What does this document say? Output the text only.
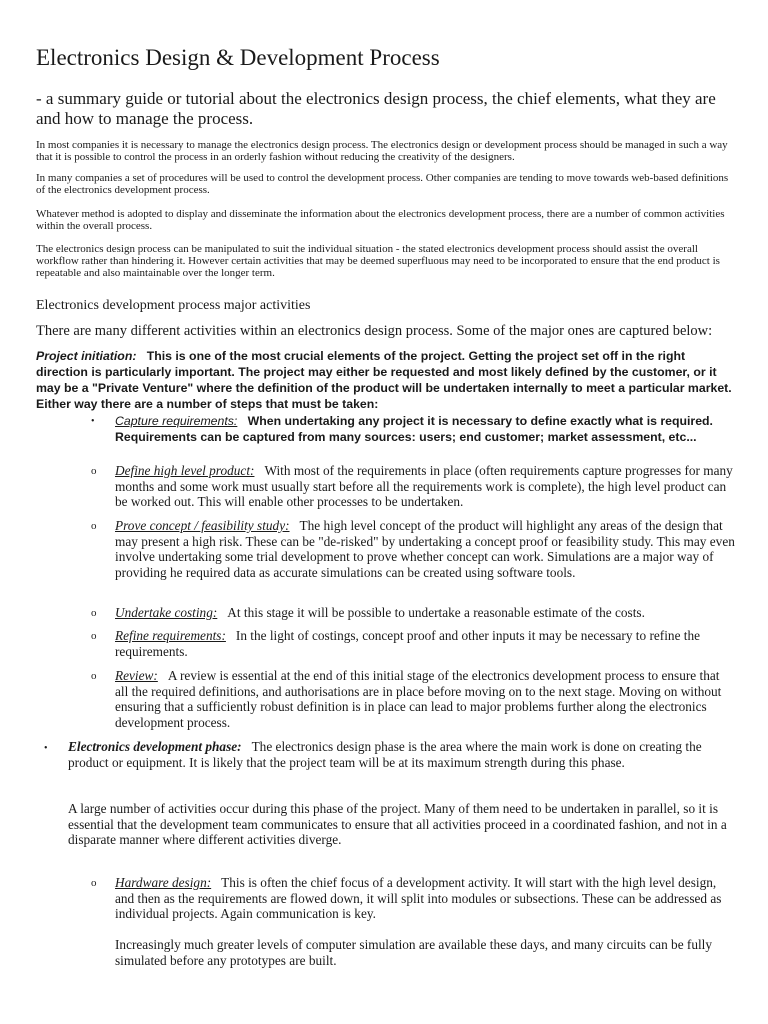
Electronics Design & Development Process

- a summary guide or tutorial about the electronics design process, the chief elements, what they are and how to manage the process.

In most companies it is necessary to manage the electronics design process. The electronics design or development process should be managed in such a way that it is possible to control the process in an orderly fashion without reducing the creativity of the designers.

In many companies a set of procedures will be used to control the development process. Other companies are tending to move towards web-based definitions of the electronics development process.

Whatever method is adopted to display and disseminate the information about the electronics development process, there are a number of common activities within the overall process.

The electronics design process can be manipulated to suit the individual situation - the stated electronics development process should assist the overall workflow rather than hindering it. However certain activities that may be deemed superfluous may need to be incorporated to ensure that the end product is repeatable and also maintainable over the longer term.

Electronics development process major activities

There are many different activities within an electronics design process. Some of the major ones are captured below:

Project initiation: This is one of the most crucial elements of the project. Getting the project set off in the right direction is particularly important. The project may either be requested and most likely defined by the customer, or it may be a "Private Venture" where the definition of the product will be undertaken internally to meet a particular market. Either way there are a number of steps that must be taken:

• Capture requirements: When undertaking any project it is necessary to define exactly what is required. Requirements can be captured from many sources: users; end customer; market assessment, etc...

o Define high level product: With most of the requirements in place (often requirements capture progresses for many months and some work must usually start before all the requirements work is complete), the high level product can be worked out. This will enable other processes to be undertaken.

o Prove concept / feasibility study: The high level concept of the product will highlight any areas of the design that may present a high risk. These can be "de-risked" by undertaking a concept proof or feasibility study. This may even involve undertaking some trial development to prove whether concept can work. Simulations are a major way of providing he required data as accurate simulations can be created using software tools.

o Undertake costing: At this stage it will be possible to undertake a reasonable estimate of the costs.

o Refine requirements: In the light of costings, concept proof and other inputs it may be necessary to refine the requirements.

o Review: A review is essential at the end of this initial stage of the electronics development process to ensure that all the required definitions, and authorisations are in place before moving on to the next stage. Moving on without ensuring that a sufficiently robust definition is in place can lead to major problems further along the electronics development process.

• Electronics development phase: The electronics design phase is the area where the main work is done on creating the product or equipment. It is likely that the project team will be at its maximum strength during this phase.

A large number of activities occur during this phase of the project. Many of them need to be undertaken in parallel, so it is essential that the development team communicates to ensure that all activities proceed in a coordinated fashion, and not in a disparate manner where different activities diverge.

o Hardware design: This is often the chief focus of a development activity. It will start with the high level design, and then as the requirements are flowed down, it will split into modules or subsections. These can be addressed as individual projects. Again communication is key.

Increasingly much greater levels of computer simulation are available these days, and many circuits can be fully simulated before any prototypes are built.
